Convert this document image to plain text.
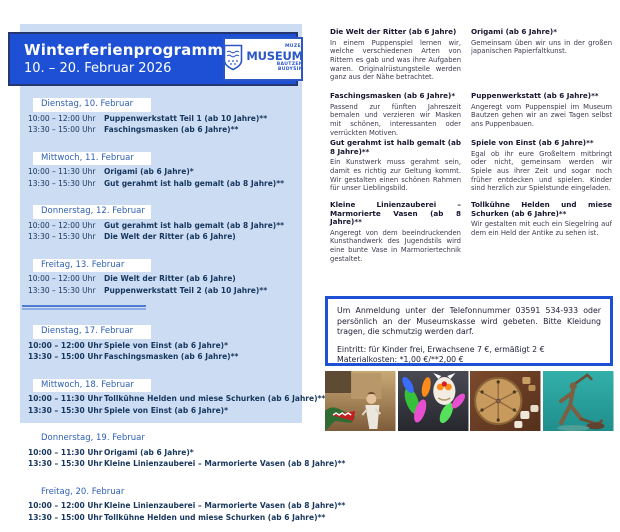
Dienstag, 10. Februar
10:00 – 12:00 Uhr	Puppenwerkstatt Teil 1 (ab 10 Jahre)**
13:30 – 15:00 Uhr	Faschingsmasken (ab 6 Jahre)**
Mittwoch, 11. Februar
10:00 – 11:30 Uhr	Origami (ab 6 Jahre)*
13:30 – 15:30 Uhr	Gut gerahmt ist halb gemalt (ab 8 Jahre)**
Donnerstag, 12. Februar
10:00 – 12:00 Uhr	Gut gerahmt ist halb gemalt (ab 8 Jahre)**
13:30 – 15:30 Uhr	Die Welt der Ritter (ab 6 Jahre)
Freitag, 13. Februar
10:00 – 12:00 Uhr	Die Welt der Ritter (ab 6 Jahre)
13:30 – 15:30 Uhr	Puppenwerkstatt Teil 2 (ab 10 Jahre)**
Dienstag, 17. Februar
10:00 – 12:00 Uhr Spiele von Einst (ab 6 Jahre)*
13:30 – 15:00 Uhr Faschingsmasken (ab 6 Jahre)**
Mittwoch, 18. Februar
10:00 – 11:30 Uhr Tollkühne Helden und miese Schurken (ab 6 Jahre)**
13:30 – 15:30 Uhr Spiele von Einst (ab 6 Jahre)*
Donnerstag, 19. Februar
10:00 – 11:30 Uhr Origami (ab 6 Jahre)*
13:30 – 15:30 Uhr Kleine Linienzauberei – Marmorierte Vasen (ab 8 Jahre)**
Freitag, 20. Februar
10:00 – 12:00 Uhr Kleine Linienzauberei – Marmorierte Vasen (ab 8 Jahre)**
13:30 – 15:00 Uhr Tollkühne Helden und miese Schurken (ab 6 Jahre)**
Winterferienprogramm
10. – 20. Februar 2026
MUZEJ
MUSEUM
BAUTZEN
BUDYŠIN
Die Welt der Ritter (ab 6 Jahre)
In einem Puppenspiel lernen wir, welche verschiedenen Arten von Rittern es gab und was ihre Aufgaben waren. Originalrüstungsteile werden ganz aus der Nähe betrachtet.
Faschingsmasken (ab 6 Jahre)*
Passend zur fünften Jahreszeit bemalen und verzieren wir Masken mit schönen, interessanten oder verrückten Motiven.
Gut gerahmt ist halb gemalt (ab 8 Jahre)**
Ein Kunstwerk muss gerahmt sein, damit es richtig zur Geltung kommt. Wir gestalten einen schönen Rahmen für unser Lieblingsbild.
Kleine Linienzauberei – Marmorierte Vasen (ab 8 Jahre)**
Angeregt von dem beeindruckenden Kunsthandwerk des Jugendstils wird eine bunte Vase in Marmoriertechnik gestaltet.
Origami (ab 6 Jahre)*
Gemeinsam üben wir uns in der großen japanischen Papierfaltkunst.
Puppenwerkstatt (ab 6 Jahre)**
Angeregt vom Puppenspiel im Museum Bautzen gehen wir an zwei Tagen selbst ans Puppenbauen.
Spiele von Einst (ab 6 Jahre)**
Egal ob ihr eure Großeltern mitbringt oder nicht, gemeinsam werden wir Spiele aus ihrer Zeit und sogar noch früher entdecken und spielen. Kinder sind herzlich zur Spielstunde eingeladen.
Tollkühne Helden und miese Schurken (ab 6 Jahre)**
Wir gestalten mit euch ein Siegelring auf dem ein Held der Antike zu sehen ist.

Um Anmeldung unter der Telefonnummer 03591 534-933 oder persönlich an der Museumskasse wird gebeten. Bitte Kleidung tragen, die schmutzig werden darf.

Eintritt: für Kinder frei, Erwachsene 7 €, ermäßigt 2 €

Materialkosten: *1,00 €/**2,00 €
